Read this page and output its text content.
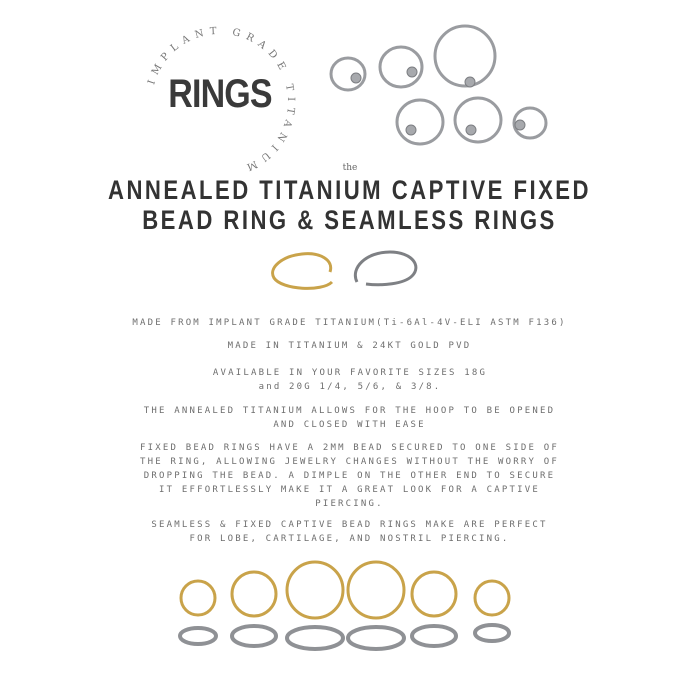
IMPLANT GRADE TITANIUM
RINGS
the
ANNEALED TITANIUM CAPTIVE FIXED
BEAD RING & SEAMLESS RINGS

MADE FROM IMPLANT GRADE TITANIUM(Ti-6Al-4V-ELI ASTM F136)

MADE IN TITANIUM & 24KT GOLD PVD

AVAILABLE IN YOUR FAVORITE SIZES 18G and 20G 1/4, 5/6, & 3/8.

THE ANNEALED TITANIUM ALLOWS FOR THE HOOP TO BE OPENED AND CLOSED WITH EASE

FIXED BEAD RINGS HAVE A 2MM BEAD SECURED TO ONE SIDE OF THE RING, ALLOWING JEWELRY CHANGES WITHOUT THE WORRY OF DROPPING THE BEAD. A DIMPLE ON THE OTHER END TO SECURE IT EFFORTLESSLY MAKE IT A GREAT LOOK FOR A CAPTIVE PIERCING.

SEAMLESS & FIXED CAPTIVE BEAD RINGS MAKE ARE PERFECT FOR LOBE, CARTILAGE, AND NOSTRIL PIERCING.
